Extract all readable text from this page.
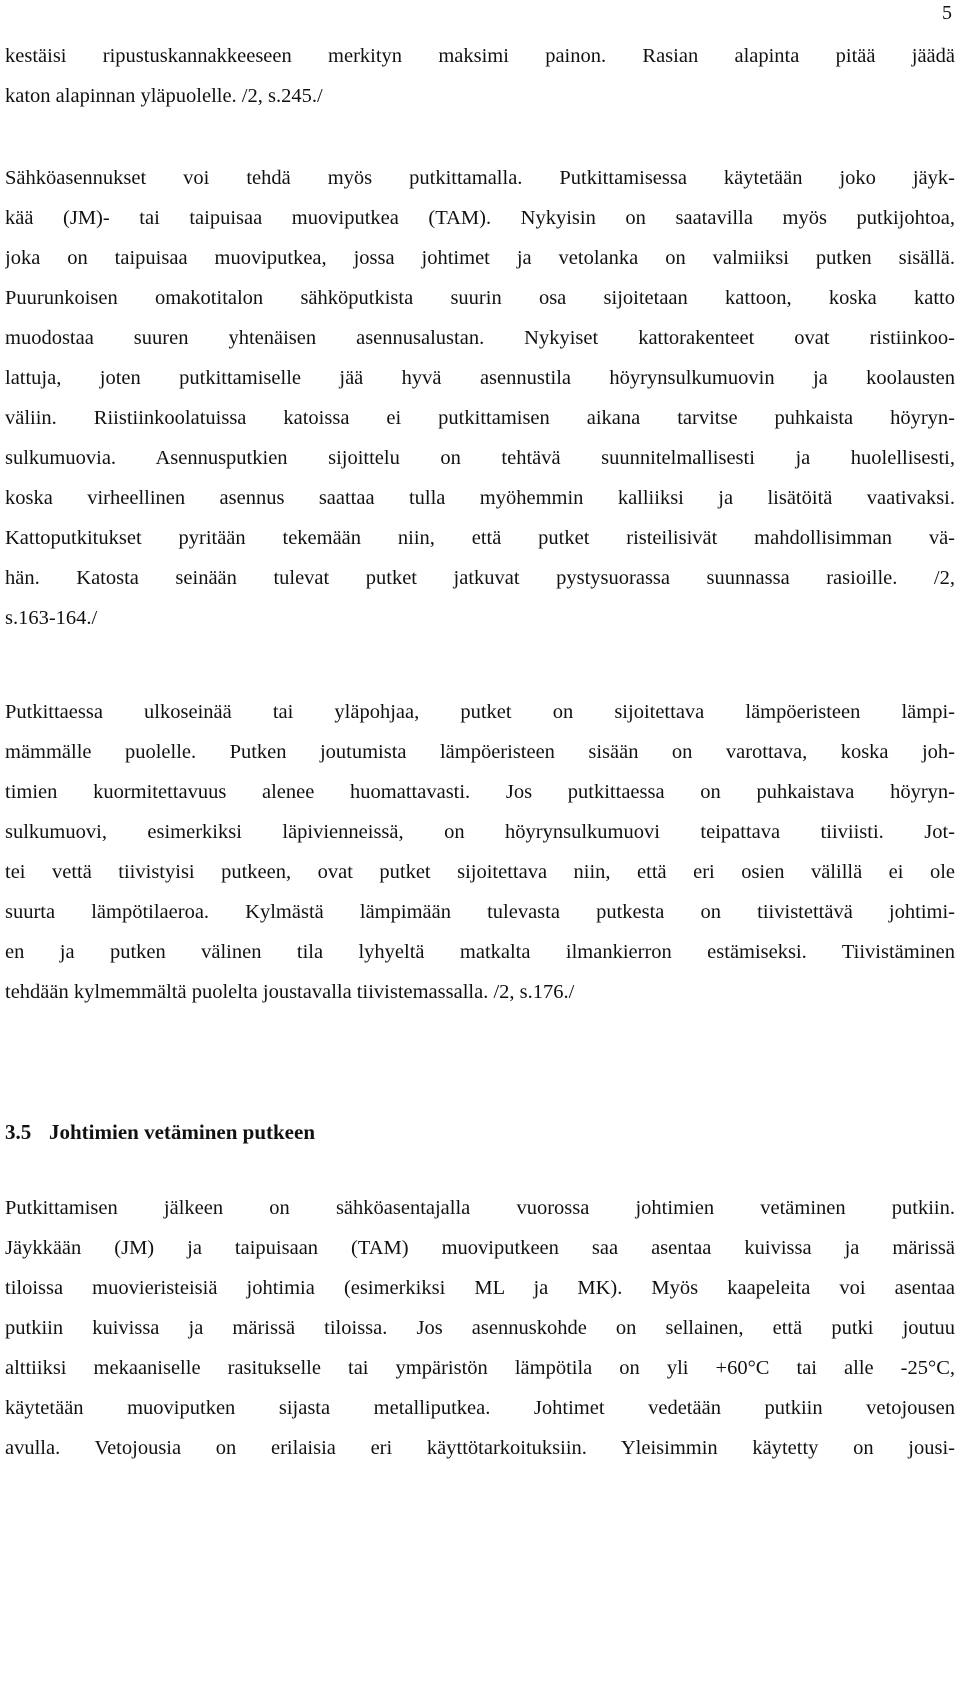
5
kestäisi ripustuskannakkeeseen merkityn maksimi painon. Rasian alapinta pitää jäädä
katon alapinnan yläpuolelle. /2, s.245./
Sähköasennukset voi tehdä myös putkittamalla. Putkittamisessa käytetään joko jäyk-
kää (JM)- tai taipuisaa muoviputkea (TAM). Nykyisin on saatavilla myös putkijohtoa,
joka on taipuisaa muoviputkea, jossa johtimet ja vetolanka on valmiiksi putken sisällä.
Puurunkoisen omakotitalon sähköputkista suurin osa sijoitetaan kattoon, koska katto
muodostaa suuren yhtenäisen asennusalustan. Nykyiset kattorakenteet ovat ristiinkoo-
lattuja, joten putkittamiselle jää hyvä asennustila höyrynsulkumuovin ja koolausten
väliin. Riistiinkoolatuissa katoissa ei putkittamisen aikana tarvitse puhkaista höyryn-
sulkumuovia. Asennusputkien sijoittelu on tehtävä suunnitelmallisesti ja huolellisesti,
koska virheellinen asennus saattaa tulla myöhemmin kalliiksi ja lisätöitä vaativaksi.
Kattoputkitukset pyritään tekemään niin, että putket risteilisivät mahdollisimman vä-
hän. Katosta seinään tulevat putket jatkuvat pystysuorassa suunnassa rasioille. /2,
s.163-164./
Putkittaessa ulkoseinää tai yläpohjaa, putket on sijoitettava lämpöeristeen lämpi-
mämmälle puolelle. Putken joutumista lämpöeristeen sisään on varottava, koska joh-
timien kuormitettavuus alenee huomattavasti. Jos putkittaessa on puhkaistava höyryn-
sulkumuovi, esimerkiksi läpivienneissä, on höyrynsulkumuovi teipattava tiiviisti. Jot-
tei vettä tiivistyisi putkeen, ovat putket sijoitettava niin, että eri osien välillä ei ole
suurta lämpötilaeroa. Kylmästä lämpimään tulevasta putkesta on tiivistettävä johtimi-
en ja putken välinen tila lyhyeltä matkalta ilmankierron estämiseksi. Tiivistäminen
tehdään kylmemmältä puolelta joustavalla tiivistemassalla. /2, s.176./
3.5 Johtimien vetäminen putkeen
Putkittamisen jälkeen on sähköasentajalla vuorossa johtimien vetäminen putkiin.
Jäykkään (JM) ja taipuisaan (TAM) muoviputkeen saa asentaa kuivissa ja märissä
tiloissa muovieristeisiä johtimia (esimerkiksi ML ja MK). Myös kaapeleita voi asentaa
putkiin kuivissa ja märissä tiloissa. Jos asennuskohde on sellainen, että putki joutuu
alttiiksi mekaaniselle rasitukselle tai ympäristön lämpötila on yli +60°C tai alle -25°C,
käytetään muoviputken sijasta metalliputkea. Johtimet vedetään putkiin vetojousen
avulla. Vetojousia on erilaisia eri käyttötarkoituksiin. Yleisimmin käytetty on jousi-
